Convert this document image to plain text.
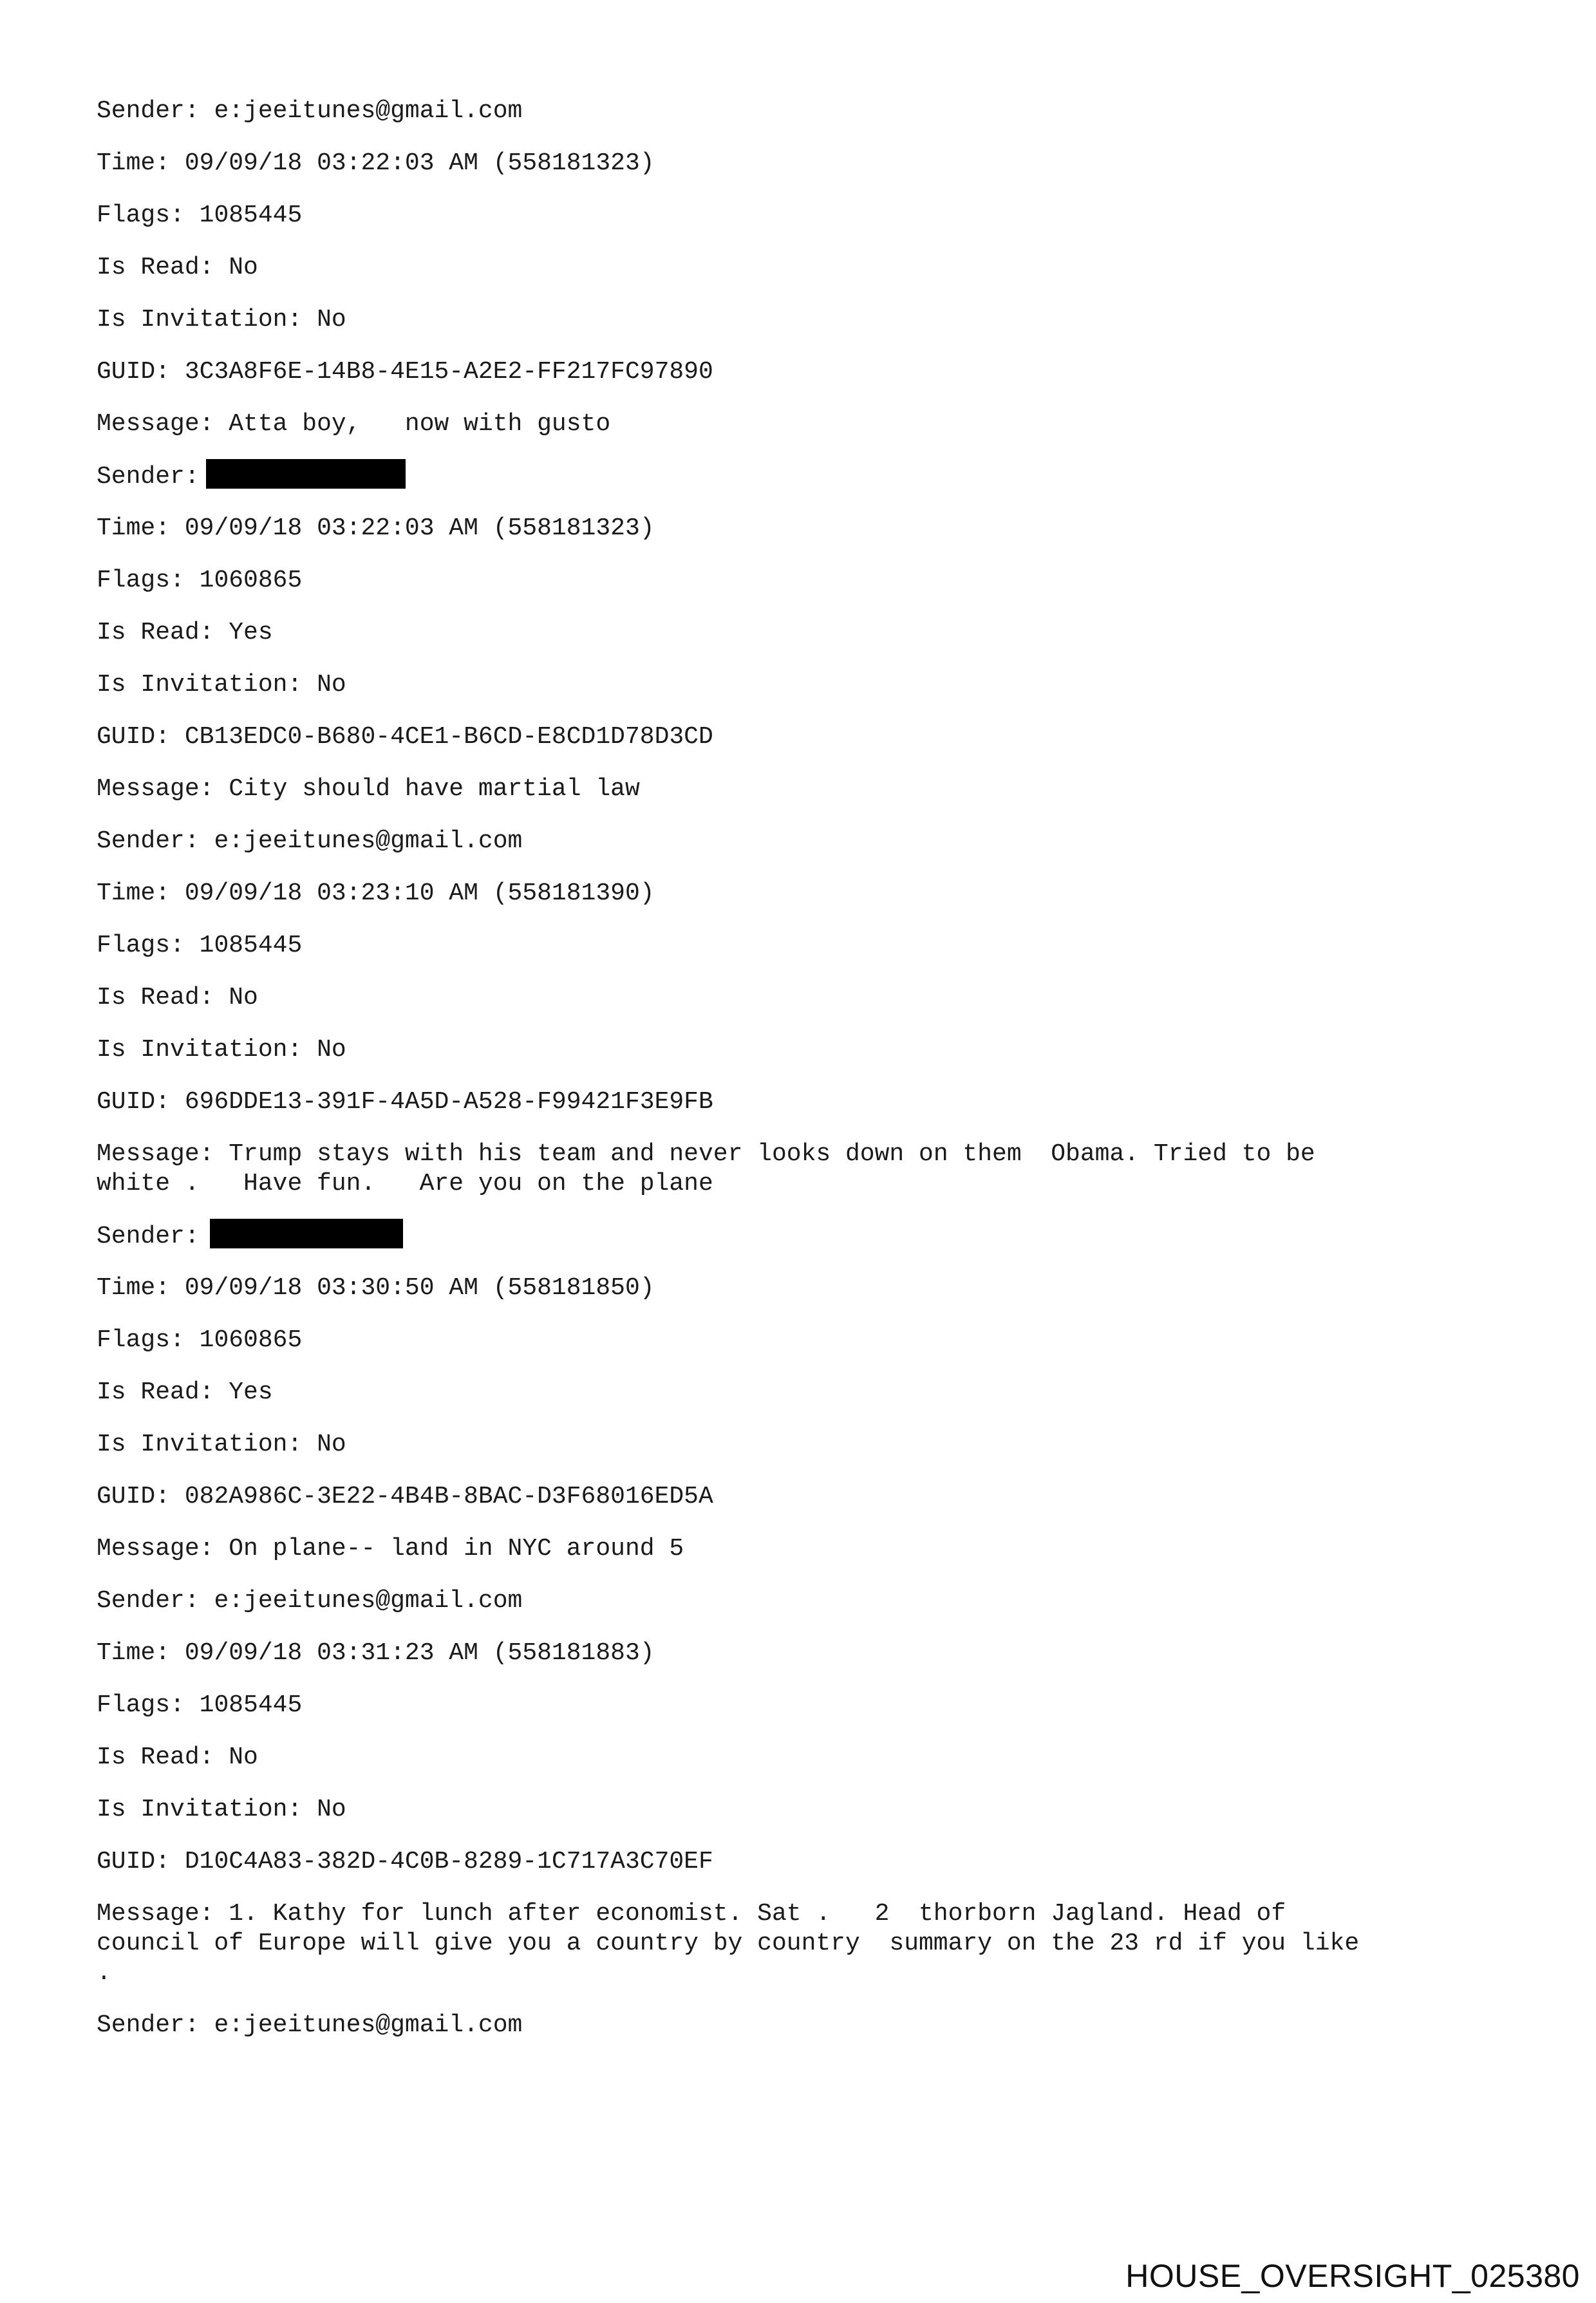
Sender: e:jeeitunes@gmail.com
Time: 09/09/18 03:22:03 AM (558181323)
Flags: 1085445
Is Read: No
Is Invitation: No
GUID: 3C3A8F6E-14B8-4E15-A2E2-FF217FC97890
Message: Atta boy,   now with gusto
Sender:
Time: 09/09/18 03:22:03 AM (558181323)
Flags: 1060865
Is Read: Yes
Is Invitation: No
GUID: CB13EDC0-B680-4CE1-B6CD-E8CD1D78D3CD
Message: City should have martial law
Sender: e:jeeitunes@gmail.com
Time: 09/09/18 03:23:10 AM (558181390)
Flags: 1085445
Is Read: No
Is Invitation: No
GUID: 696DDE13-391F-4A5D-A528-F99421F3E9FB
Message: Trump stays with his team and never looks down on them  Obama. Tried to be
white .   Have fun.   Are you on the plane
Sender:
Time: 09/09/18 03:30:50 AM (558181850)
Flags: 1060865
Is Read: Yes
Is Invitation: No
GUID: 082A986C-3E22-4B4B-8BAC-D3F68016ED5A
Message: On plane-- land in NYC around 5
Sender: e:jeeitunes@gmail.com
Time: 09/09/18 03:31:23 AM (558181883)
Flags: 1085445
Is Read: No
Is Invitation: No
GUID: D10C4A83-382D-4C0B-8289-1C717A3C70EF
Message: 1. Kathy for lunch after economist. Sat .   2  thorborn Jagland. Head of
council of Europe will give you a country by country  summary on the 23 rd if you like
.
Sender: e:jeeitunes@gmail.com
HOUSE_OVERSIGHT_025380
